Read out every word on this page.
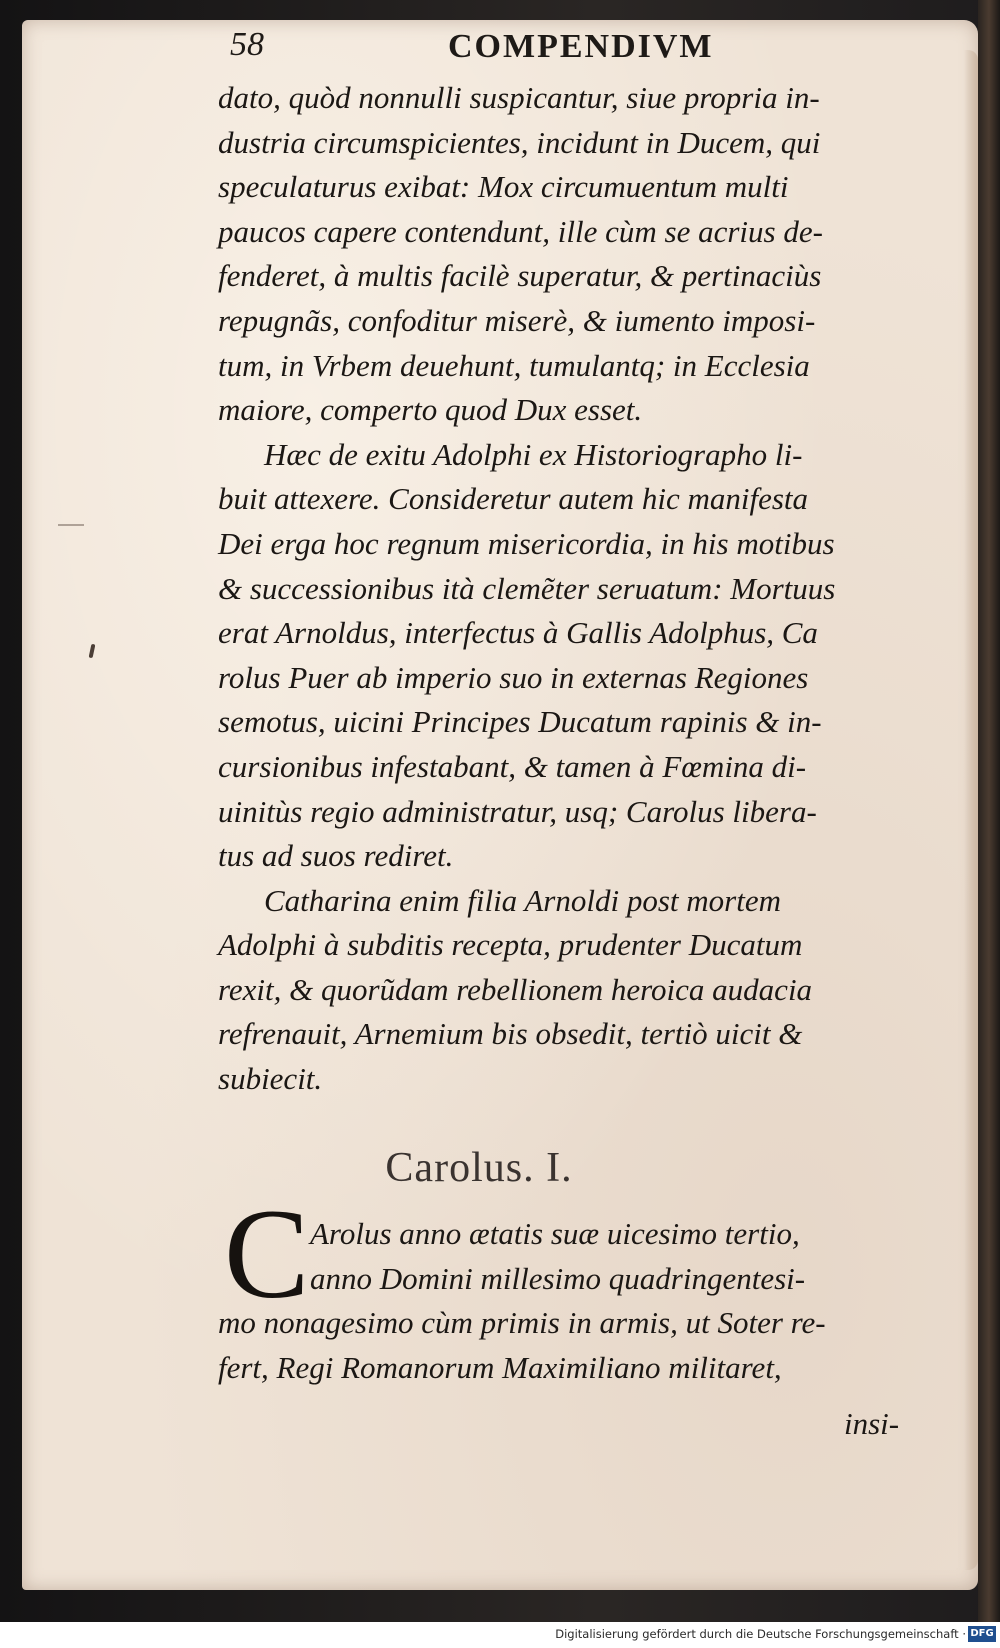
58	COMPENDIVM
dato, quòd nonnulli suspicantur, siue propria in-
dustria circumspicientes, incidunt in Ducem, qui
speculaturus exibat: Mox circumuentum multi
paucos capere contendunt, ille cùm se acrius de-
fenderet, à multis facilè superatur, & pertinaciùs
repugnãs, confoditur miserè, & iumento imposi-
tum, in Vrbem deuehunt, tumulantq; in Ecclesia
maiore, comperto quod Dux esset.
Hæc de exitu Adolphi ex Historiographo li-
buit attexere. Consideretur autem hic manifesta
Dei erga hoc regnum misericordia, in his motibus
& successionibus ità clemẽter seruatum: Mortuus
erat Arnoldus, interfectus à Gallis Adolphus, Ca
rolus Puer ab imperio suo in externas Regiones
semotus, uicini Principes Ducatum rapinis & in-
cursionibus infestabant, & tamen à Fœmina di-
uinitùs regio administratur, usq; Carolus libera-
tus ad suos rediret.
Catharina enim filia Arnoldi post mortem
Adolphi à subditis recepta, prudenter Ducatum
rexit, & quorũdam rebellionem heroica audacia
refrenauit, Arnemium bis obsedit, tertiò uicit &
subiecit.
Carolus. I.
C Arolus anno ætatis suæ uicesimo tertio,
anno Domini millesimo quadringentesi-
mo nonagesimo cùm primis in armis, ut Soter re-
fert, Regi Romanorum Maximiliano militaret,
insi-
Digitalisierung gefördert durch die Deutsche Forschungsgemeinschaft · DFG
